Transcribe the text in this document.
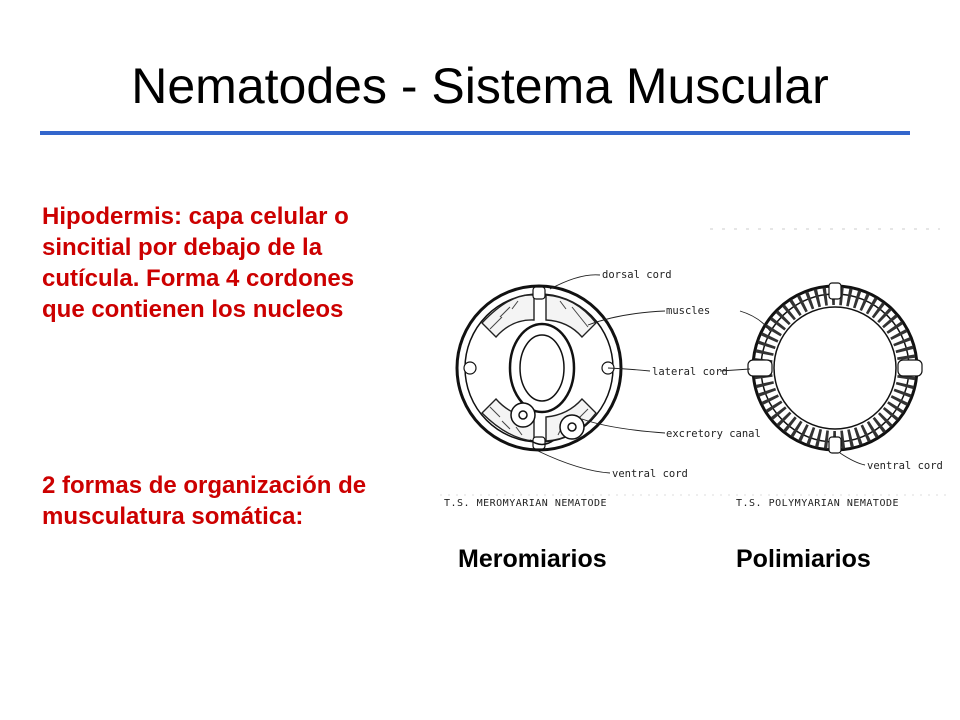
Nematodes - Sistema Muscular
Hipodermis: capa celular o sincitial por debajo de la cutícula. Forma 4 cordones que contienen los nucleos
2 formas de organización de musculatura somática:
dorsal cord
muscles
lateral cord
excretory canal
ventral cord
ventral cord
T.S. MEROMYARIAN NEMATODE	T.S. POLYMYARIAN NEMATODE
Meromiarios	Polimiarios
